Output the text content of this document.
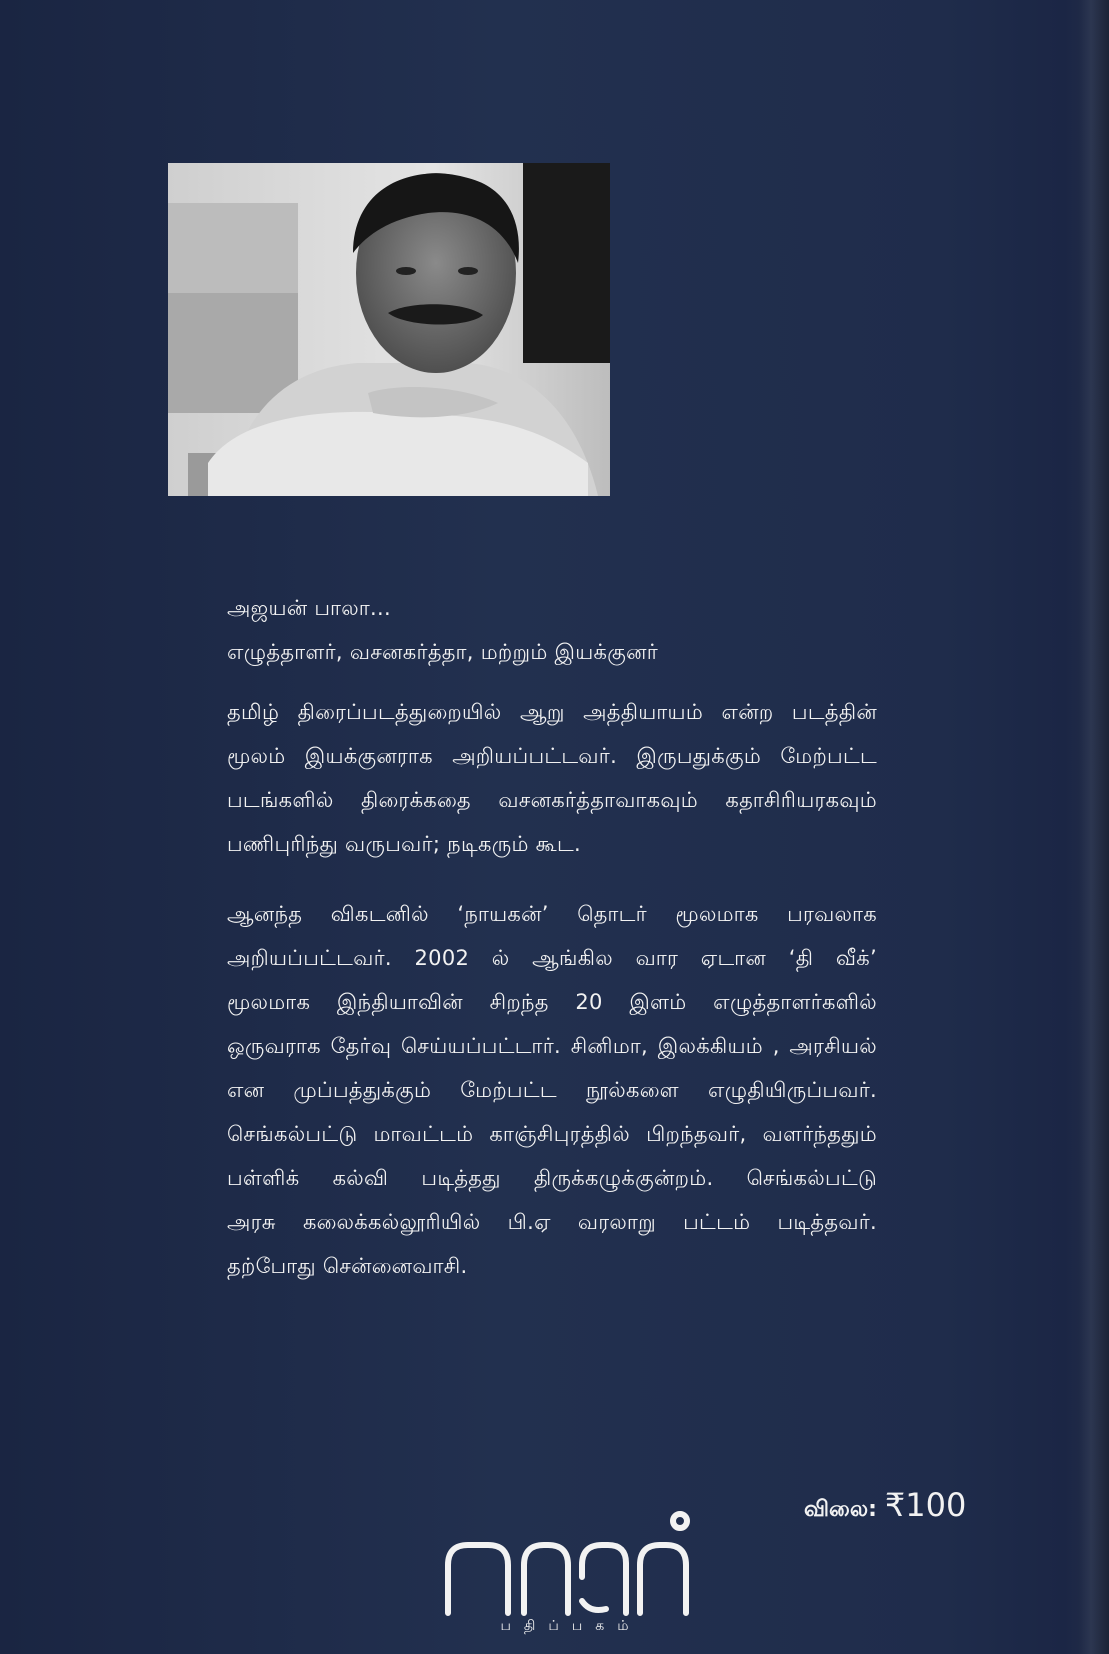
அஜயன் பாலா...
எழுத்தாளர், வசனகர்த்தா, மற்றும் இயக்குனர்
தமிழ் திரைப்படத்துறையில் ஆறு அத்தியாயம் என்ற படத்தின்
மூலம் இயக்குனராக அறியப்பட்டவர். இருபதுக்கும் மேற்பட்ட
படங்களில் திரைக்கதை வசனகர்த்தாவாகவும் கதாசிரியரகவும்
பணிபுரிந்து வருபவர்; நடிகரும் கூட.
ஆனந்த விகடனில் ‘நாயகன்’ தொடர் மூலமாக பரவலாக
அறியப்பட்டவர். 2002 ல் ஆங்கில வார ஏடான ‘தி வீக்’
மூலமாக இந்தியாவின் சிறந்த 20 இளம் எழுத்தாளர்களில்
ஒருவராக தேர்வு செய்யப்பட்டார். சினிமா, இலக்கியம் , அரசியல்
என முப்பத்துக்கும் மேற்பட்ட நூல்களை எழுதியிருப்பவர்.
செங்கல்பட்டு மாவட்டம் காஞ்சிபுரத்தில் பிறந்தவர், வளர்ந்ததும்
பள்ளிக் கல்வி படித்தது திருக்கழுக்குன்றம். செங்கல்பட்டு
அரசு கலைக்கல்லூரியில் பி.ஏ வரலாறு பட்டம் படித்தவர்.
தற்போது சென்னைவாசி.
விலை: ₹100
பதிப்பகம்
